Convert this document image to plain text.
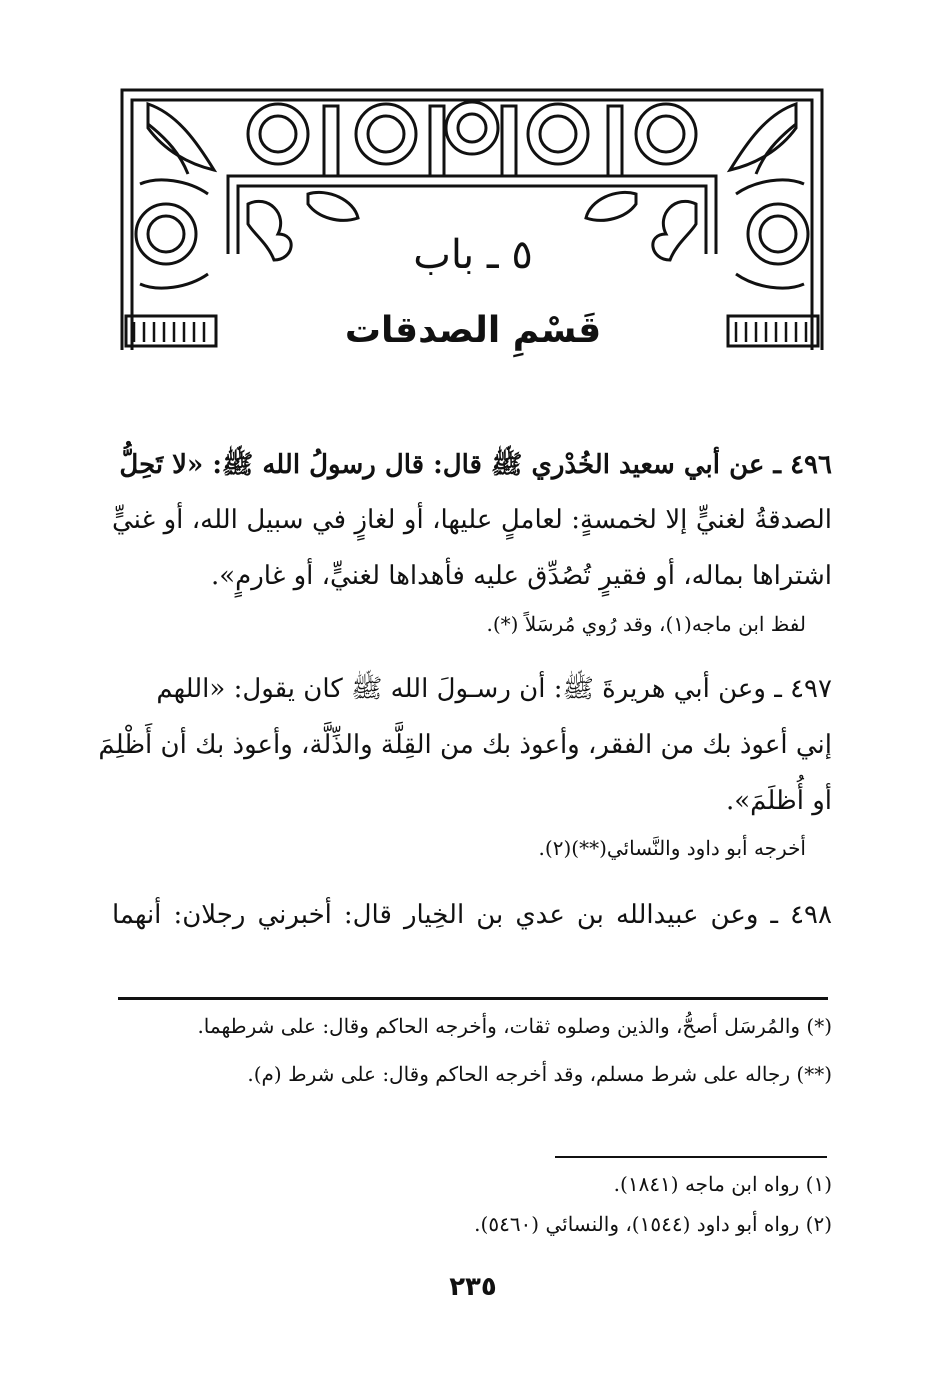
٥ ـ باب
قَسْمِ الصدقات
٤٩٦ ـ عن أبي سعيد الخُدْري ﷺ قال: قال رسولُ الله ﷺ: «لا تَحِلُّ
الصدقةُ لغنيٍّ إلا لخمسةٍ: لعاملٍ عليها، أو لغازٍ في سبيل الله، أو غنيٍّ
اشتراها بماله، أو فقيرٍ تُصُدِّق عليه فأهداها لغنيٍّ، أو غارمٍ».
لفظ ابن ماجه(١)، وقد رُوي مُرسَلاً (*).
٤٩٧ ـ وعن أبي هريرةَ ﷺ: أن رسـولَ الله ﷺ كان يقول: «اللهم
إني أعوذ بك من الفقر، وأعوذ بك من القِلَّة والذِّلَّة، وأعوذ بك أن أَظْلِمَ
أو أُظلَمَ».
أخرجه أبو داود والنَّسائي(**)(٢).
٤٩٨ ـ وعن عبيدالله بن عدي بن الخِيار قال: أخبرني رجلان: أنهما
(*) والمُرسَل أصحُّ، والذين وصلوه ثقات، وأخرجه الحاكم وقال: على شرطهما.
(**) رجاله على شرط مسلم، وقد أخرجه الحاكم وقال: على شرط (م).
(١) رواه ابن ماجه (١٨٤١).
(٢) رواه أبو داود (١٥٤٤)، والنسائي (٥٤٦٠).
٢٣٥
